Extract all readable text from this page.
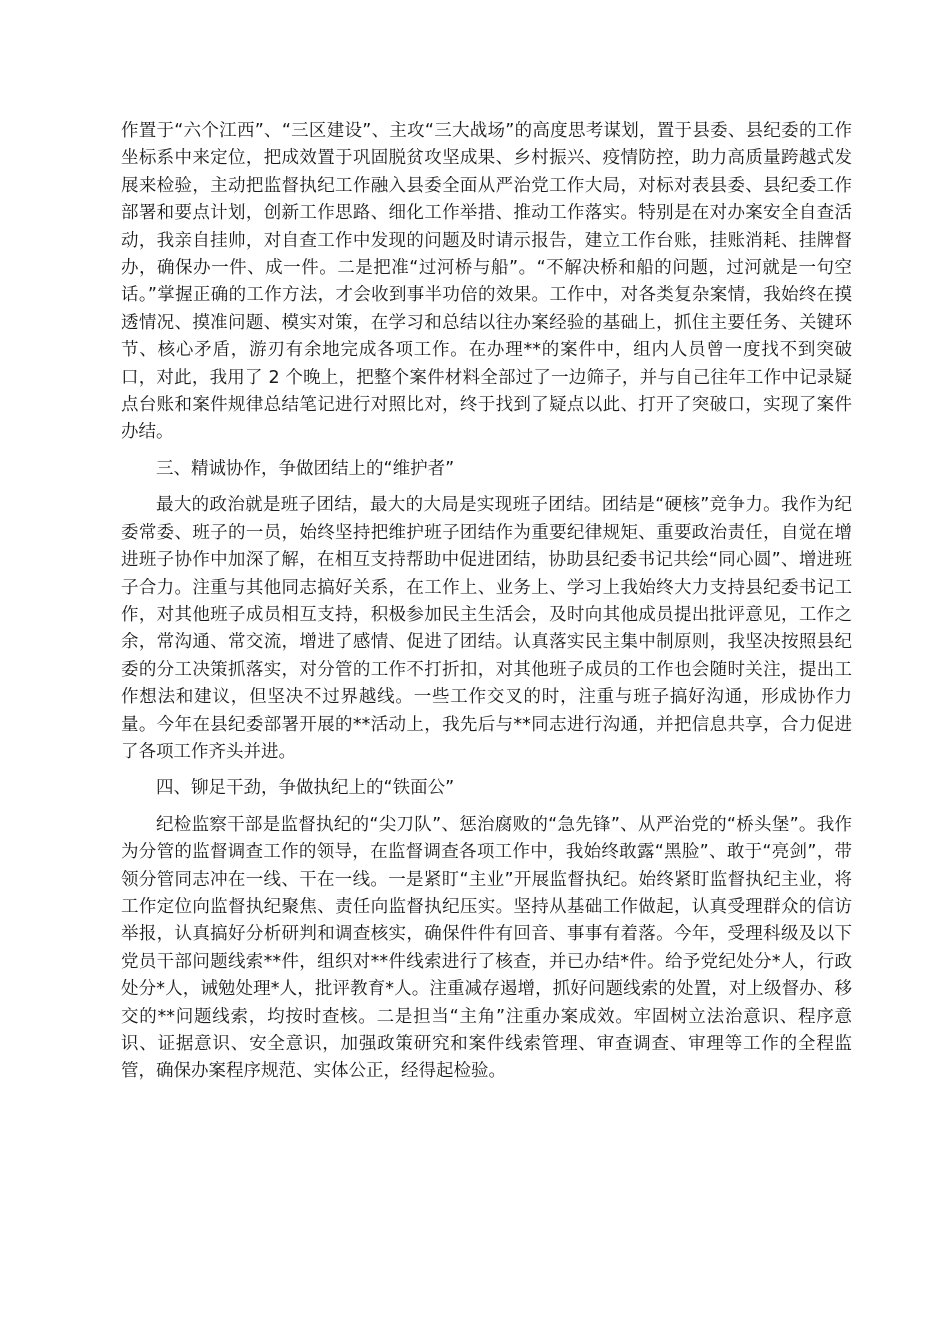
作置于“六个江西”、“三区建设”、主攻“三大战场”的高度思考谋划，置于县委、县纪委的工作坐标系中来定位，把成效置于巩固脱贫攻坚成果、乡村振兴、疫情防控，助力高质量跨越式发展来检验，主动把监督执纪工作融入县委全面从严治党工作大局，对标对表县委、县纪委工作部署和要点计划，创新工作思路、细化工作举措、推动工作落实。特别是在对办案安全自查活动，我亲自挂帅，对自查工作中发现的问题及时请示报告，建立工作台账，挂账消耗、挂牌督办，确保办一件、成一件。二是把准“过河桥与船”。“不解决桥和船的问题，过河就是一句空话。”掌握正确的工作方法，才会收到事半功倍的效果。工作中，对各类复杂案情，我始终在摸透情况、摸准问题、模实对策，在学习和总结以往办案经验的基础上，抓住主要任务、关键环节、核心矛盾，游刃有余地完成各项工作。在办理**的案件中，组内人员曾一度找不到突破口，对此，我用了 2 个晚上，把整个案件材料全部过了一边筛子，并与自己往年工作中记录疑点台账和案件规律总结笔记进行对照比对，终于找到了疑点以此、打开了突破口，实现了案件办结。

三、精诚协作，争做团结上的“维护者”

最大的政治就是班子团结，最大的大局是实现班子团结。团结是“硬核”竞争力。我作为纪委常委、班子的一员，始终坚持把维护班子团结作为重要纪律规矩、重要政治责任，自觉在增进班子协作中加深了解，在相互支持帮助中促进团结，协助县纪委书记共绘“同心圆”、增进班子合力。注重与其他同志搞好关系，在工作上、业务上、学习上我始终大力支持县纪委书记工作，对其他班子成员相互支持，积极参加民主生活会，及时向其他成员提出批评意见，工作之余，常沟通、常交流，增进了感情、促进了团结。认真落实民主集中制原则，我坚决按照县纪委的分工决策抓落实，对分管的工作不打折扣，对其他班子成员的工作也会随时关注，提出工作想法和建议，但坚决不过界越线。一些工作交叉的时，注重与班子搞好沟通，形成协作力量。今年在县纪委部署开展的**活动上，我先后与**同志进行沟通，并把信息共享，合力促进了各项工作齐头并进。

四、铆足干劲，争做执纪上的“铁面公”

纪检监察干部是监督执纪的“尖刀队”、惩治腐败的“急先锋”、从严治党的“桥头堡”。我作为分管的监督调查工作的领导，在监督调查各项工作中，我始终敢露“黑脸”、敢于“亮剑”，带领分管同志冲在一线、干在一线。一是紧盯“主业”开展监督执纪。始终紧盯监督执纪主业，将工作定位向监督执纪聚焦、责任向监督执纪压实。坚持从基础工作做起，认真受理群众的信访举报，认真搞好分析研判和调查核实，确保件件有回音、事事有着落。今年，受理科级及以下党员干部问题线索**件，组织对**件线索进行了核查，并已办结*件。给予党纪处分*人，行政处分*人，诫勉处理*人，批评教育*人。注重减存遏增，抓好问题线索的处置，对上级督办、移交的**问题线索，均按时查核。二是担当“主角”注重办案成效。牢固树立法治意识、程序意识、证据意识、安全意识，加强政策研究和案件线索管理、审查调查、审理等工作的全程监管，确保办案程序规范、实体公正，经得起检验。
